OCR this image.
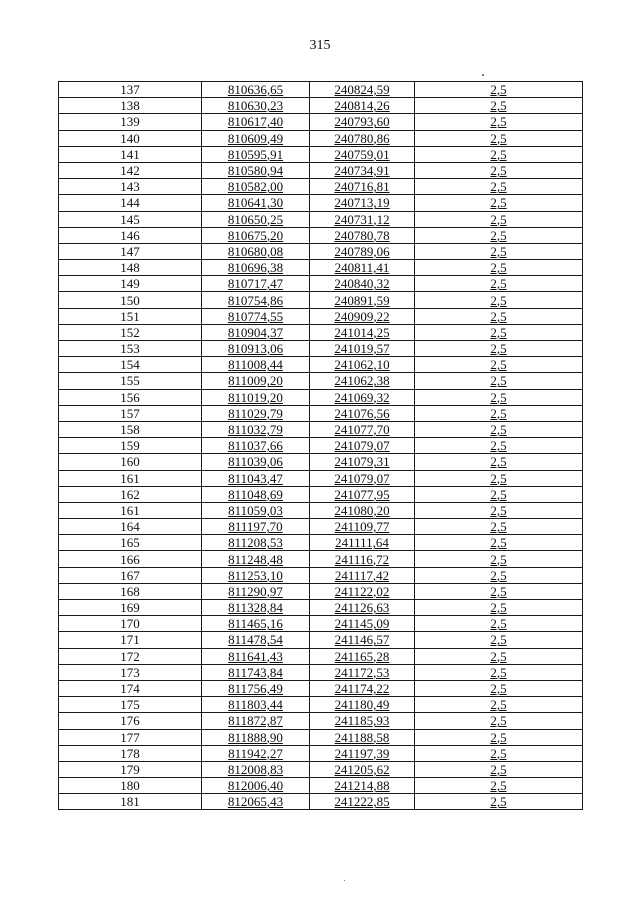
315
137	810636,65	240824,59	2,5
138	810630,23	240814,26	2,5
139	810617,40	240793,60	2,5
140	810609,49	240780,86	2,5
141	810595,91	240759,01	2,5
142	810580,94	240734,91	2,5
143	810582,00	240716,81	2,5
144	810641,30	240713,19	2,5
145	810650,25	240731,12	2,5
146	810675,20	240780,78	2,5
147	810680,08	240789,06	2,5
148	810696,38	240811,41	2,5
149	810717,47	240840,32	2,5
150	810754,86	240891,59	2,5
151	810774,55	240909,22	2,5
152	810904,37	241014,25	2,5
153	810913,06	241019,57	2,5
154	811008,44	241062,10	2,5
155	811009,20	241062,38	2,5
156	811019,20	241069,32	2,5
157	811029,79	241076,56	2,5
158	811032,79	241077,70	2,5
159	811037,66	241079,07	2,5
160	811039,06	241079,31	2,5
161	811043,47	241079,07	2,5
162	811048,69	241077,95	2,5
161	811059,03	241080,20	2,5
164	811197,70	241109,77	2,5
165	811208,53	241111,64	2,5
166	811248,48	241116,72	2,5
167	811253,10	241117,42	2,5
168	811290,97	241122,02	2,5
169	811328,84	241126,63	2,5
170	811465,16	241145,09	2,5
171	811478,54	241146,57	2,5
172	811641,43	241165,28	2,5
173	811743,84	241172,53	2,5
174	811756,49	241174,22	2,5
175	811803,44	241180,49	2,5
176	811872,87	241185,93	2,5
177	811888,90	241188,58	2,5
178	811942,27	241197,39	2,5
179	812008,83	241205,62	2,5
180	812006,40	241214,88	2,5
181	812065,43	241222,85	2,5
